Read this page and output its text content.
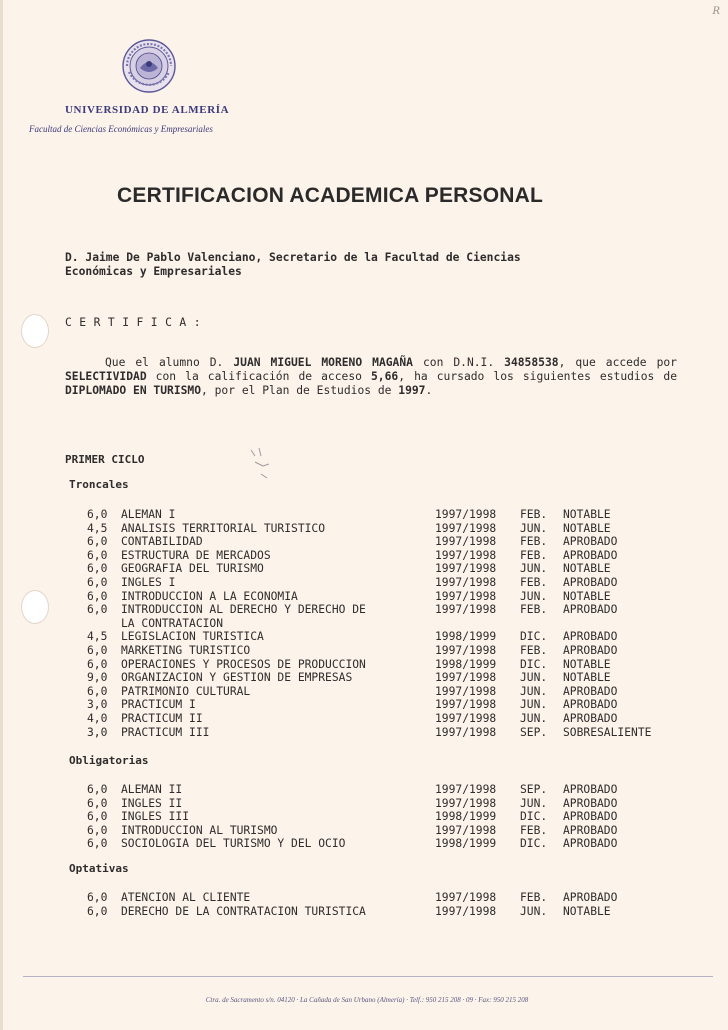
R
UNIVERSIDAD DE ALMERÍA
Facultad de Ciencias Económicas y Empresariales
CERTIFICACION ACADEMICA PERSONAL
D. Jaime De Pablo Valenciano, Secretario de la Facultad de Ciencias
Económicas y Empresariales
CERTIFICA:
Que el alumno D. JUAN MIGUEL MORENO MAGAÑA con D.N.I. 34858538, que accede por SELECTIVIDAD con la calificación de acceso 5,66, ha cursado los siguientes estudios de DIPLOMADO EN TURISMO, por el Plan de Estudios de 1997.
PRIMER CICLO
Troncales
6,0 ALEMAN I	1997/1998 FEB. NOTABLE
4,5 ANALISIS TERRITORIAL TURISTICO	1997/1998 JUN. NOTABLE
6,0 CONTABILIDAD	1997/1998 FEB. APROBADO
6,0 ESTRUCTURA DE MERCADOS	1997/1998 FEB. APROBADO
6,0 GEOGRAFIA DEL TURISMO	1997/1998 JUN. NOTABLE
6,0 INGLES I	1997/1998 FEB. APROBADO
6,0 INTRODUCCION A LA ECONOMIA	1997/1998 JUN. NOTABLE
6,0 INTRODUCCION AL DERECHO Y DERECHO DE	1997/1998 FEB. APROBADO
LA CONTRATACION
4,5 LEGISLACION TURISTICA	1998/1999 DIC. APROBADO
6,0 MARKETING TURISTICO	1997/1998 FEB. APROBADO
6,0 OPERACIONES Y PROCESOS DE PRODUCCION	1998/1999 DIC. NOTABLE
9,0 ORGANIZACION Y GESTION DE EMPRESAS	1997/1998 JUN. NOTABLE
6,0 PATRIMONIO CULTURAL	1997/1998 JUN. APROBADO
3,0 PRACTICUM I	1997/1998 JUN. APROBADO
4,0 PRACTICUM II	1997/1998 JUN. APROBADO
3,0 PRACTICUM III	1997/1998 SEP. SOBRESALIENTE
Obligatorias
6,0 ALEMAN II	1997/1998 SEP. APROBADO
6,0 INGLES II	1997/1998 JUN. APROBADO
6,0 INGLES III	1998/1999 DIC. APROBADO
6,0 INTRODUCCION AL TURISMO	1997/1998 FEB. APROBADO
6,0 SOCIOLOGIA DEL TURISMO Y DEL OCIO	1998/1999 DIC. APROBADO
Optativas
6,0 ATENCION AL CLIENTE	1997/1998 FEB. APROBADO
6,0 DERECHO DE LA CONTRATACION TURISTICA	1997/1998 JUN. NOTABLE
Ctra. de Sacramento s/n. 04120 · La Cañada de San Urbano (Almería) · Telf.: 950 215 208 · 09 · Fax: 950 215 208
